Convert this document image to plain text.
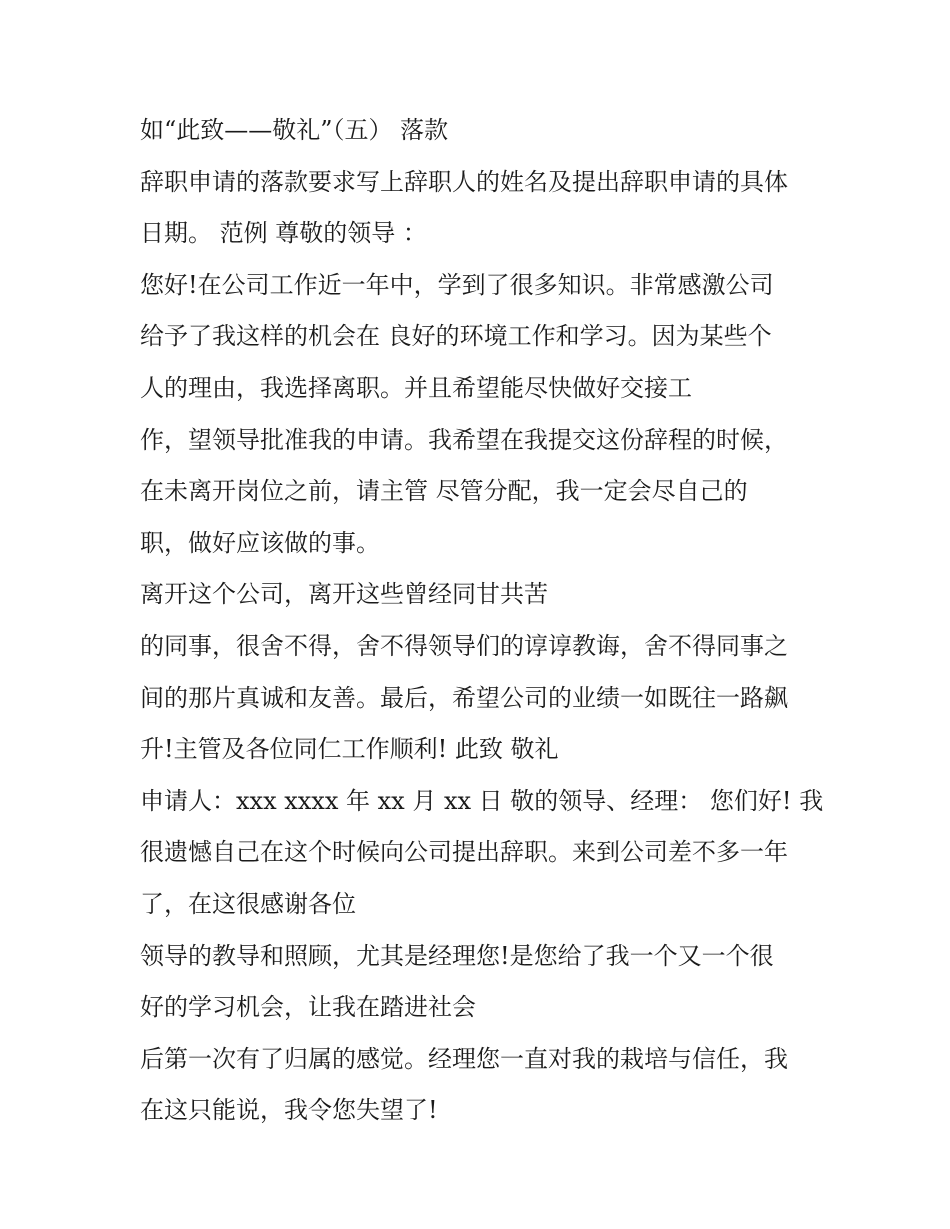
如“此致——敬礼”（五） 落款
辞职申请的落款要求写上辞职人的姓名及提出辞职申请的具体
日期。 范例 尊敬的领导 ：
您好!在公司工作近一年中，学到了很多知识。非常感激公司
给予了我这样的机会在 良好的环境工作和学习。因为某些个
人的理由，我选择离职。并且希望能尽快做好交接工
作，望领导批准我的申请。我希望在我提交这份辞程的时候，
在未离开岗位之前，请主管 尽管分配，我一定会尽自己的
职，做好应该做的事。
离开这个公司，离开这些曾经同甘共苦
的同事，很舍不得，舍不得领导们的谆谆教诲，舍不得同事之
间的那片真诚和友善。最后，希望公司的业绩一如既往一路飙
升!主管及各位同仁工作顺利! 此致 敬礼
申请人：xxx xxxx 年 xx 月 xx 日 敬的领导、经理： 您们好! 我
很遗憾自己在这个时候向公司提出辞职。来到公司差不多一年
了，在这很感谢各位
领导的教导和照顾，尤其是经理您!是您给了我一个又一个很
好的学习机会，让我在踏进社会
后第一次有了归属的感觉。经理您一直对我的栽培与信任，我
在这只能说，我令您失望了!
